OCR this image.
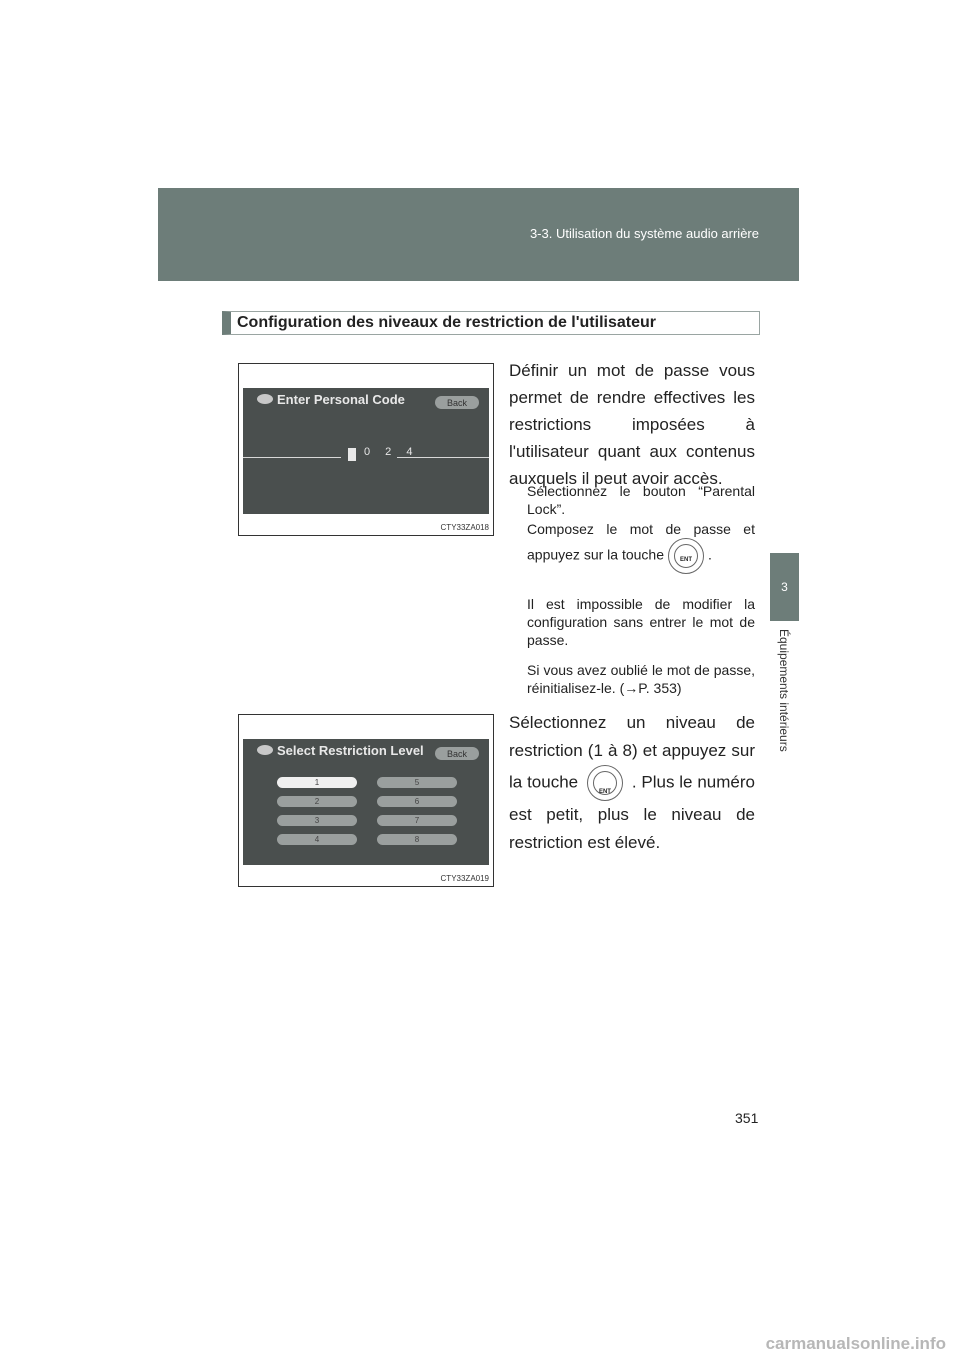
3-3. Utilisation du système audio arrière
3
Équipements intérieurs
Configuration des niveaux de restriction de l'utilisateur
Enter Personal Code	Back
0 2 4
CTY33ZA018
Select Restriction Level	Back
1
2
3
4
5
6
7
8
CTY33ZA019
Définir un mot de passe vous permet de rendre effectives les restrictions imposées à l'utilisateur quant aux contenus auxquels il peut avoir accès.
Sélectionnez le bouton “Parental Lock”.
Composez le mot de passe et appuyez sur la touche	ENT	.
Il est impossible de modifier la configuration sans entrer le mot de passe.
Si vous avez oublié le mot de passe, réinitialisez-le. (→P. 353)
Sélectionnez un niveau de restriction (1 à 8) et appuyez sur la touche
ENT
. Plus le numéro est petit, plus le niveau de restriction est élevé.
351
carmanualsonline.info
